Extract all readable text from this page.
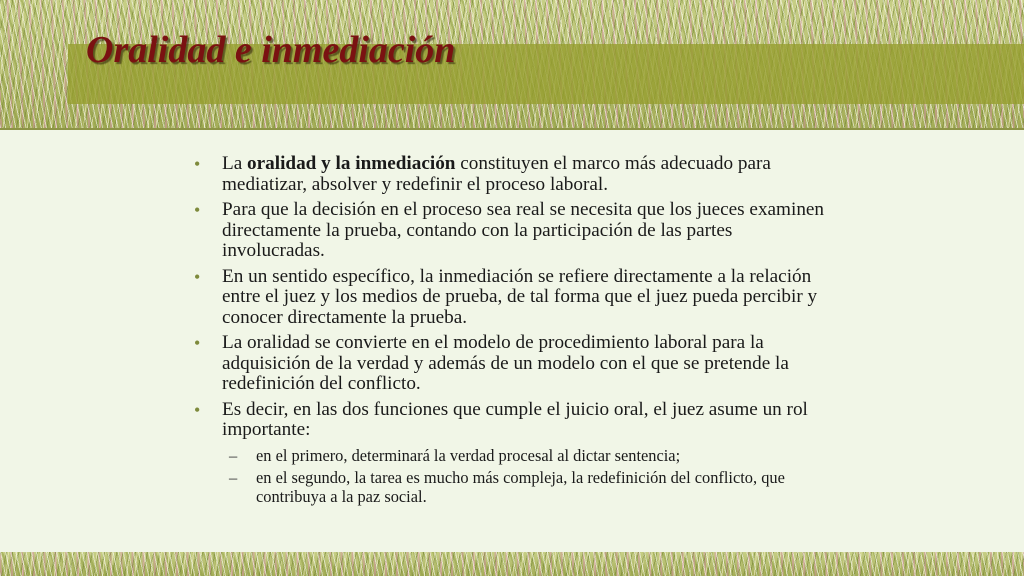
Oralidad e inmediación
• La oralidad y la inmediación constituyen el marco más adecuado para mediatizar, absolver y redefinir el proceso laboral.
• Para que la decisión en el proceso sea real se necesita que los jueces examinen directamente la prueba, contando con la participación de las partes involucradas.
• En un sentido específico, la inmediación se refiere directamente a la relación entre el juez y los medios de prueba, de tal forma que el juez pueda percibir y conocer directamente la prueba.
• La oralidad se convierte en el modelo de procedimiento laboral para la adquisición de la verdad y además de un modelo con el que se pretende la redefinición del conflicto.
• Es decir, en las dos funciones que cumple el juicio oral, el juez asume un rol importante:
– en el primero, determinará la verdad procesal al dictar sentencia;
– en el segundo, la tarea es mucho más compleja, la redefinición del conflicto, que contribuya a la paz social.
